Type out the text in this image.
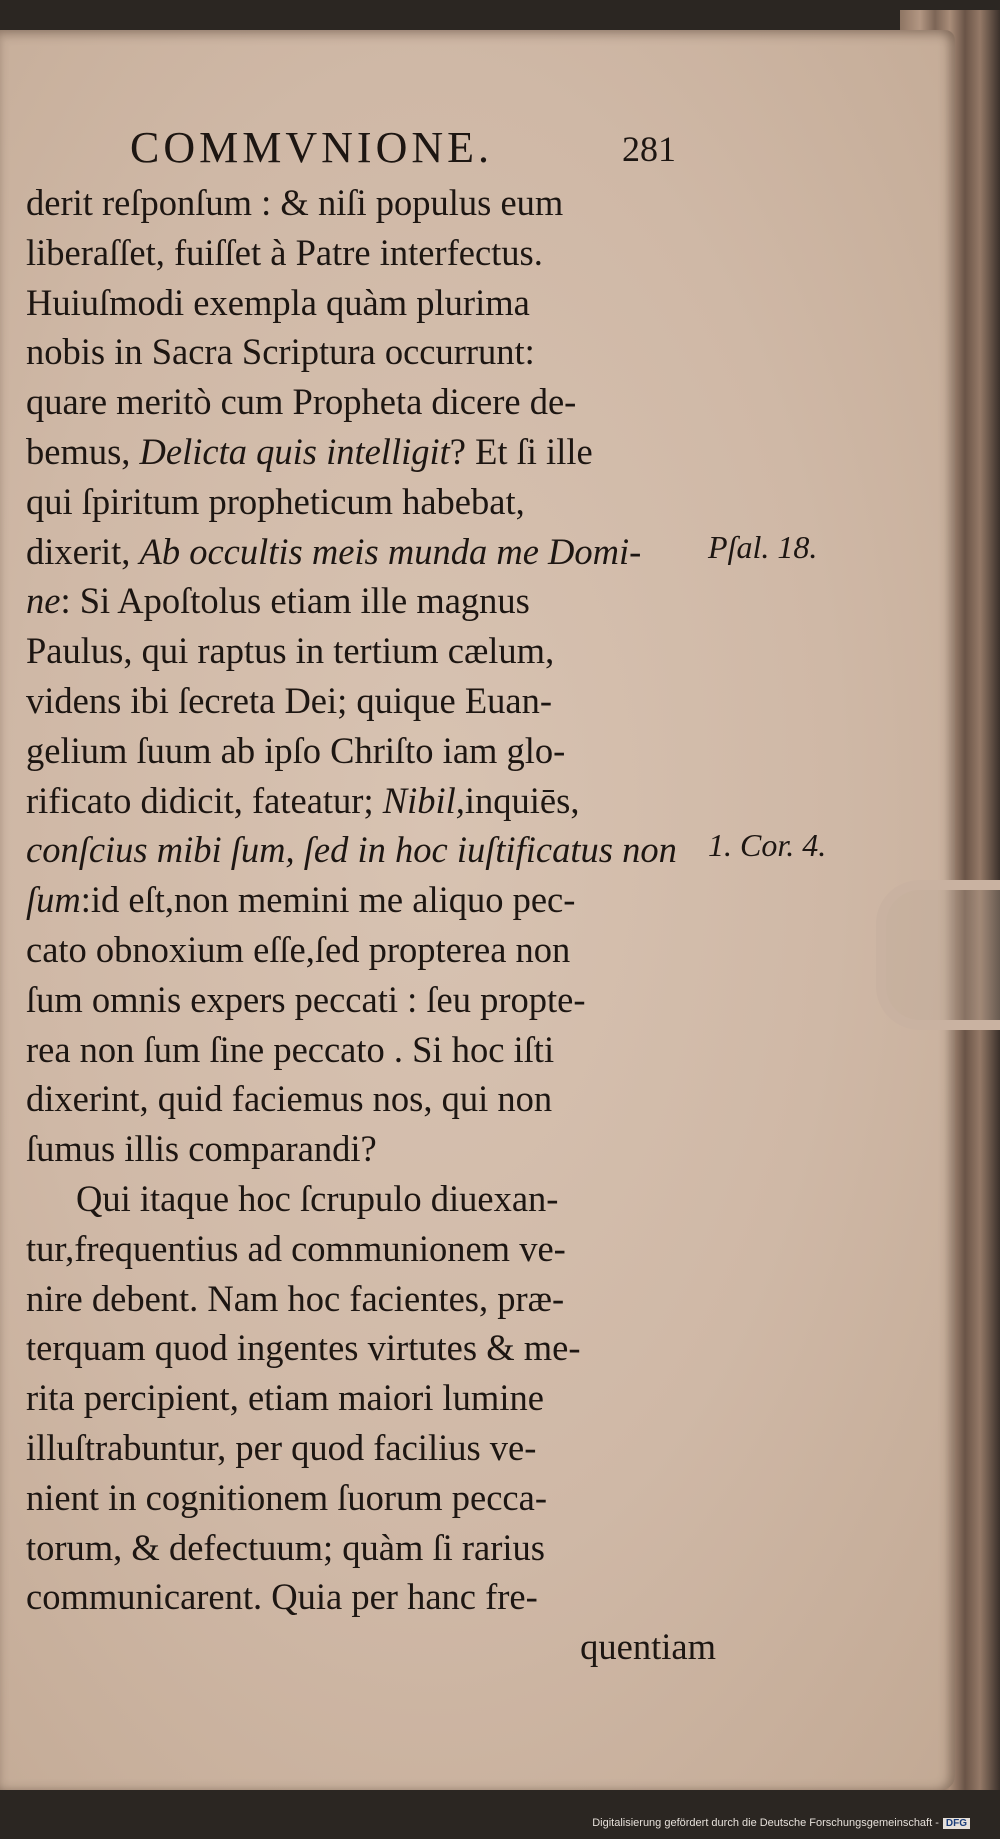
COMMVNIONE.	281
derit reſponſum : & niſi populus eum
liberaſſet, fuiſſet à Patre interfectus.
Huiuſmodi exempla quàm plurima
nobis in Sacra Scriptura occurrunt:
quare meritò cum Propheta dicere de-
bemus, Delicta quis intelligit? Et ſi ille
qui ſpiritum propheticum habebat,
dixerit, Ab occultis meis munda me Domi-
ne: Si Apoſtolus etiam ille magnus
Paulus, qui raptus in tertium cælum,
videns ibi ſecreta Dei; quique Euan-
gelium ſuum ab ipſo Chriſto iam glo-
rificato didicit, fateatur; Nibil,inquiēs,
conſcius mibi ſum, ſed in hoc iuſtificatus non
ſum:id eſt,non memini me aliquo pec-
cato obnoxium eſſe,ſed propterea non
ſum omnis expers peccati : ſeu propte-
rea non ſum ſine peccato . Si hoc iſti
dixerint, quid faciemus nos, qui non
ſumus illis comparandi?
Qui itaque hoc ſcrupulo diuexan-
tur,frequentius ad communionem ve-
nire debent. Nam hoc facientes, præ-
terquam quod ingentes virtutes & me-
rita percipient, etiam maiori lumine
illuſtrabuntur, per quod facilius ve-
nient in cognitionem ſuorum pecca-
torum, & defectuum; quàm ſi rarius
communicarent. Quia per hanc fre-
quentiam
Pſal. 18.
1. Cor. 4.
Digitalisierung gefördert durch die Deutsche Forschungsgemeinschaft - DFG
